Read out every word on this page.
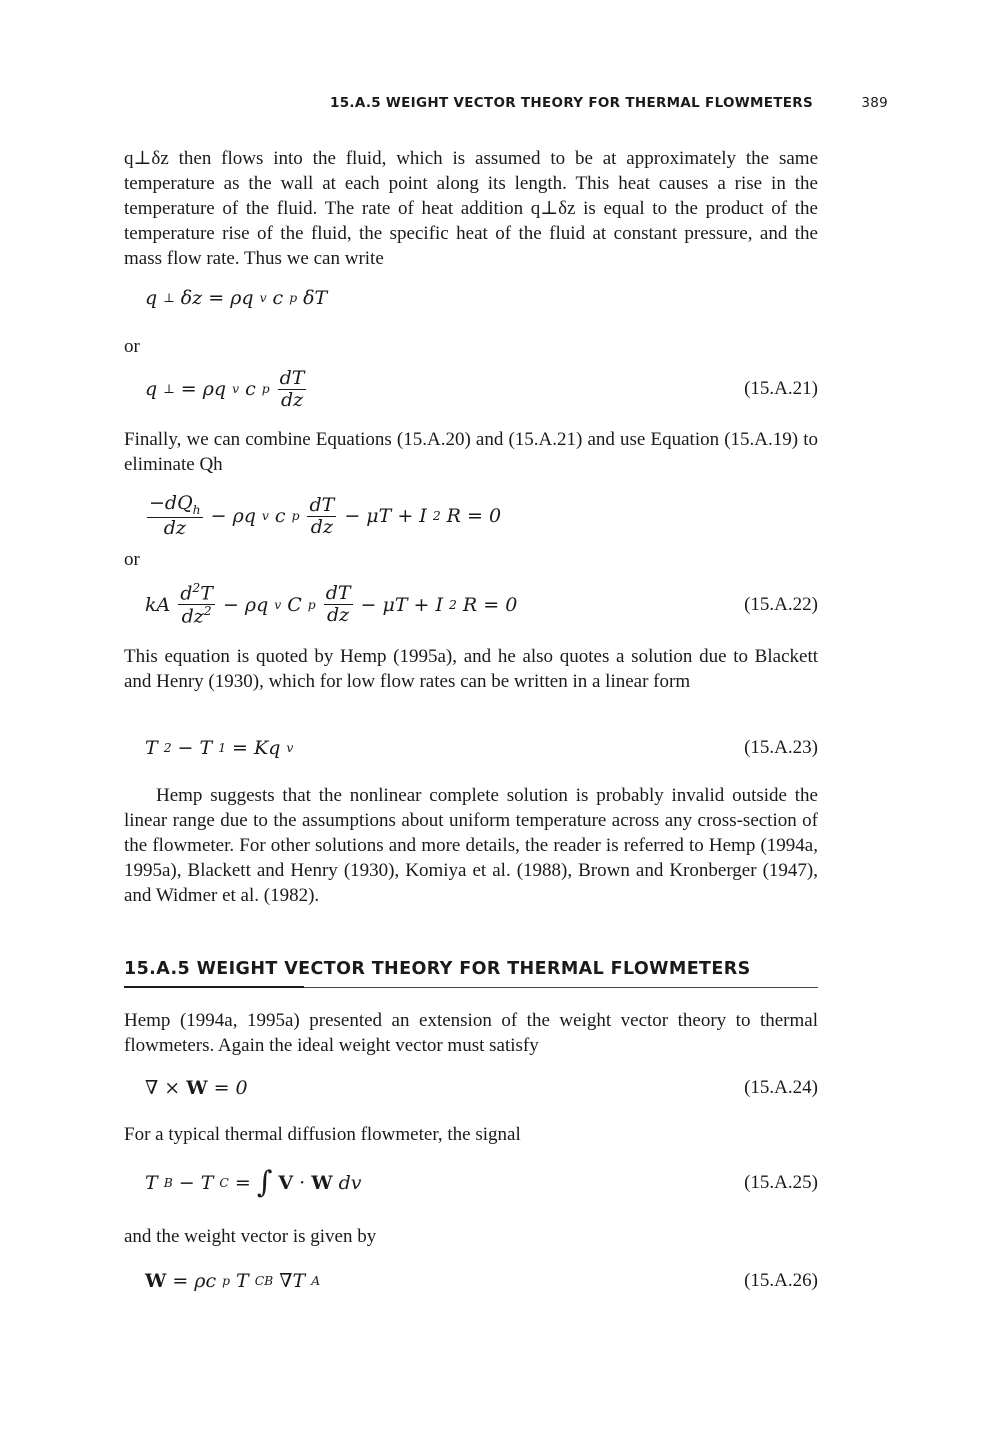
15.A.5 WEIGHT VECTOR THEORY FOR THERMAL FLOWMETERS	389
q⊥δz then flows into the fluid, which is assumed to be at approximately the same temperature as the wall at each point along its length. This heat causes a rise in the temperature of the fluid. The rate of heat addition q⊥δz is equal to the product of the temperature rise of the fluid, the specific heat of the fluid at constant pressure, and the mass flow rate. Thus we can write
q ⊥ δz = ρq v c p δT
or
q ⊥ = ρq v c p $\frac{dT}{dz}$	(15.A.21)
Finally, we can combine Equations (15.A.20) and (15.A.21) and use Equation (15.A.19) to eliminate Qh
$\frac{-dQ_h}{dz} - \rho q$ v c p $\frac{dT}{dz} - \mu T + I$ 2 R = 0
or
kA $\frac{d^2T}{dz^2} - \rho q$ v C p $\frac{dT}{dz} - \mu T + I$ 2 R = 0	(15.A.22)
This equation is quoted by Hemp (1995a), and he also quotes a solution due to Blackett and Henry (1930), which for low flow rates can be written in a linear form
T 2 − T 1 = Kq v	(15.A.23)
Hemp suggests that the nonlinear complete solution is probably invalid outside the linear range due to the assumptions about uniform temperature across any cross-section of the flowmeter. For other solutions and more details, the reader is referred to Hemp (1994a, 1995a), Blackett and Henry (1930), Komiya et al. (1988), Brown and Kronberger (1947), and Widmer et al. (1982).
15.A.5 WEIGHT VECTOR THEORY FOR THERMAL FLOWMETERS
Hemp (1994a, 1995a) presented an extension of the weight vector theory to thermal flowmeters. Again the ideal weight vector must satisfy
∇ × W = 0	(15.A.24)
For a typical thermal diffusion flowmeter, the signal
T B − T C = ∫ V · W dv	(15.A.25)
and the weight vector is given by
W = ρc p T CB ∇T A	(15.A.26)
